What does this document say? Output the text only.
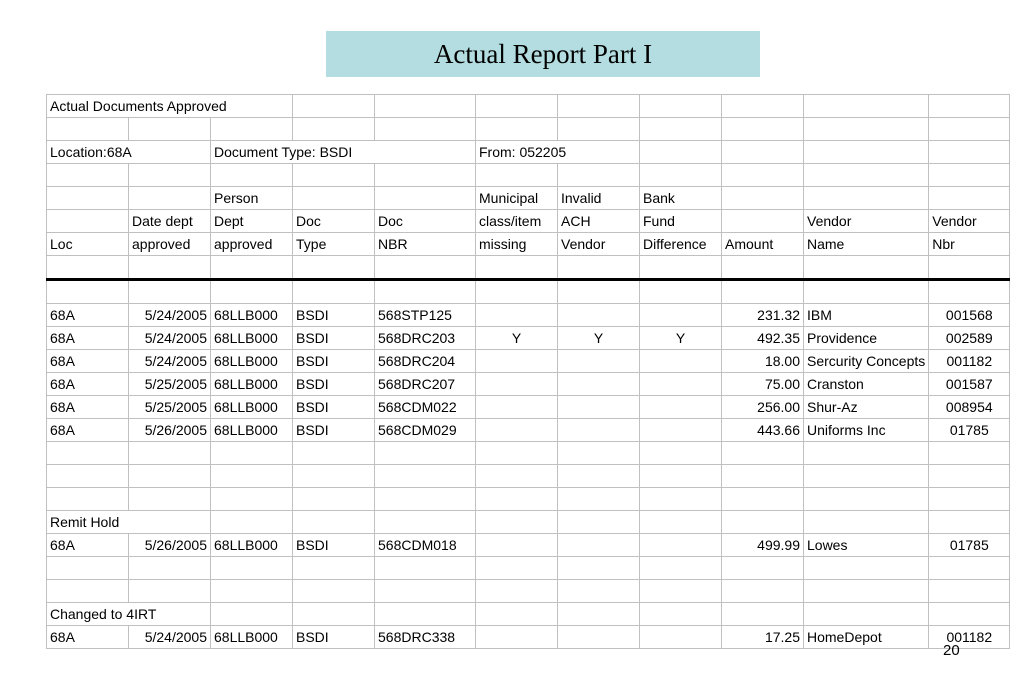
Actual Report Part I
Actual Documents Approved										

Location:68A		Document Type: BSDI			From: 052205					

		Person			Municipal	Invalid	Bank			
	Date dept	Dept	Doc	Doc	class/item	ACH	Fund		Vendor	Vendor
Loc	approved	approved	Type	NBR	missing	Vendor	Difference	Amount	Name	Nbr

68A	5/24/2005	68LLB000	BSDI	568STP125				231.32	IBM	001568
68A	5/24/2005	68LLB000	BSDI	568DRC203	Y	Y	Y	492.35	Providence	002589
68A	5/24/2005	68LLB000	BSDI	568DRC204				18.00	Sercurity Concepts	001182
68A	5/25/2005	68LLB000	BSDI	568DRC207				75.00	Cranston	001587
68A	5/25/2005	68LLB000	BSDI	568CDM022				256.00	Shur-Az	008954
68A	5/26/2005	68LLB000	BSDI	568CDM029				443.66	Uniforms Inc	01785

Remit Hold										
68A	5/26/2005	68LLB000	BSDI	568CDM018				499.99	Lowes	01785

Changed to 4IRT										
68A	5/24/2005	68LLB000	BSDI	568DRC338				17.25	HomeDepot	001182
20
